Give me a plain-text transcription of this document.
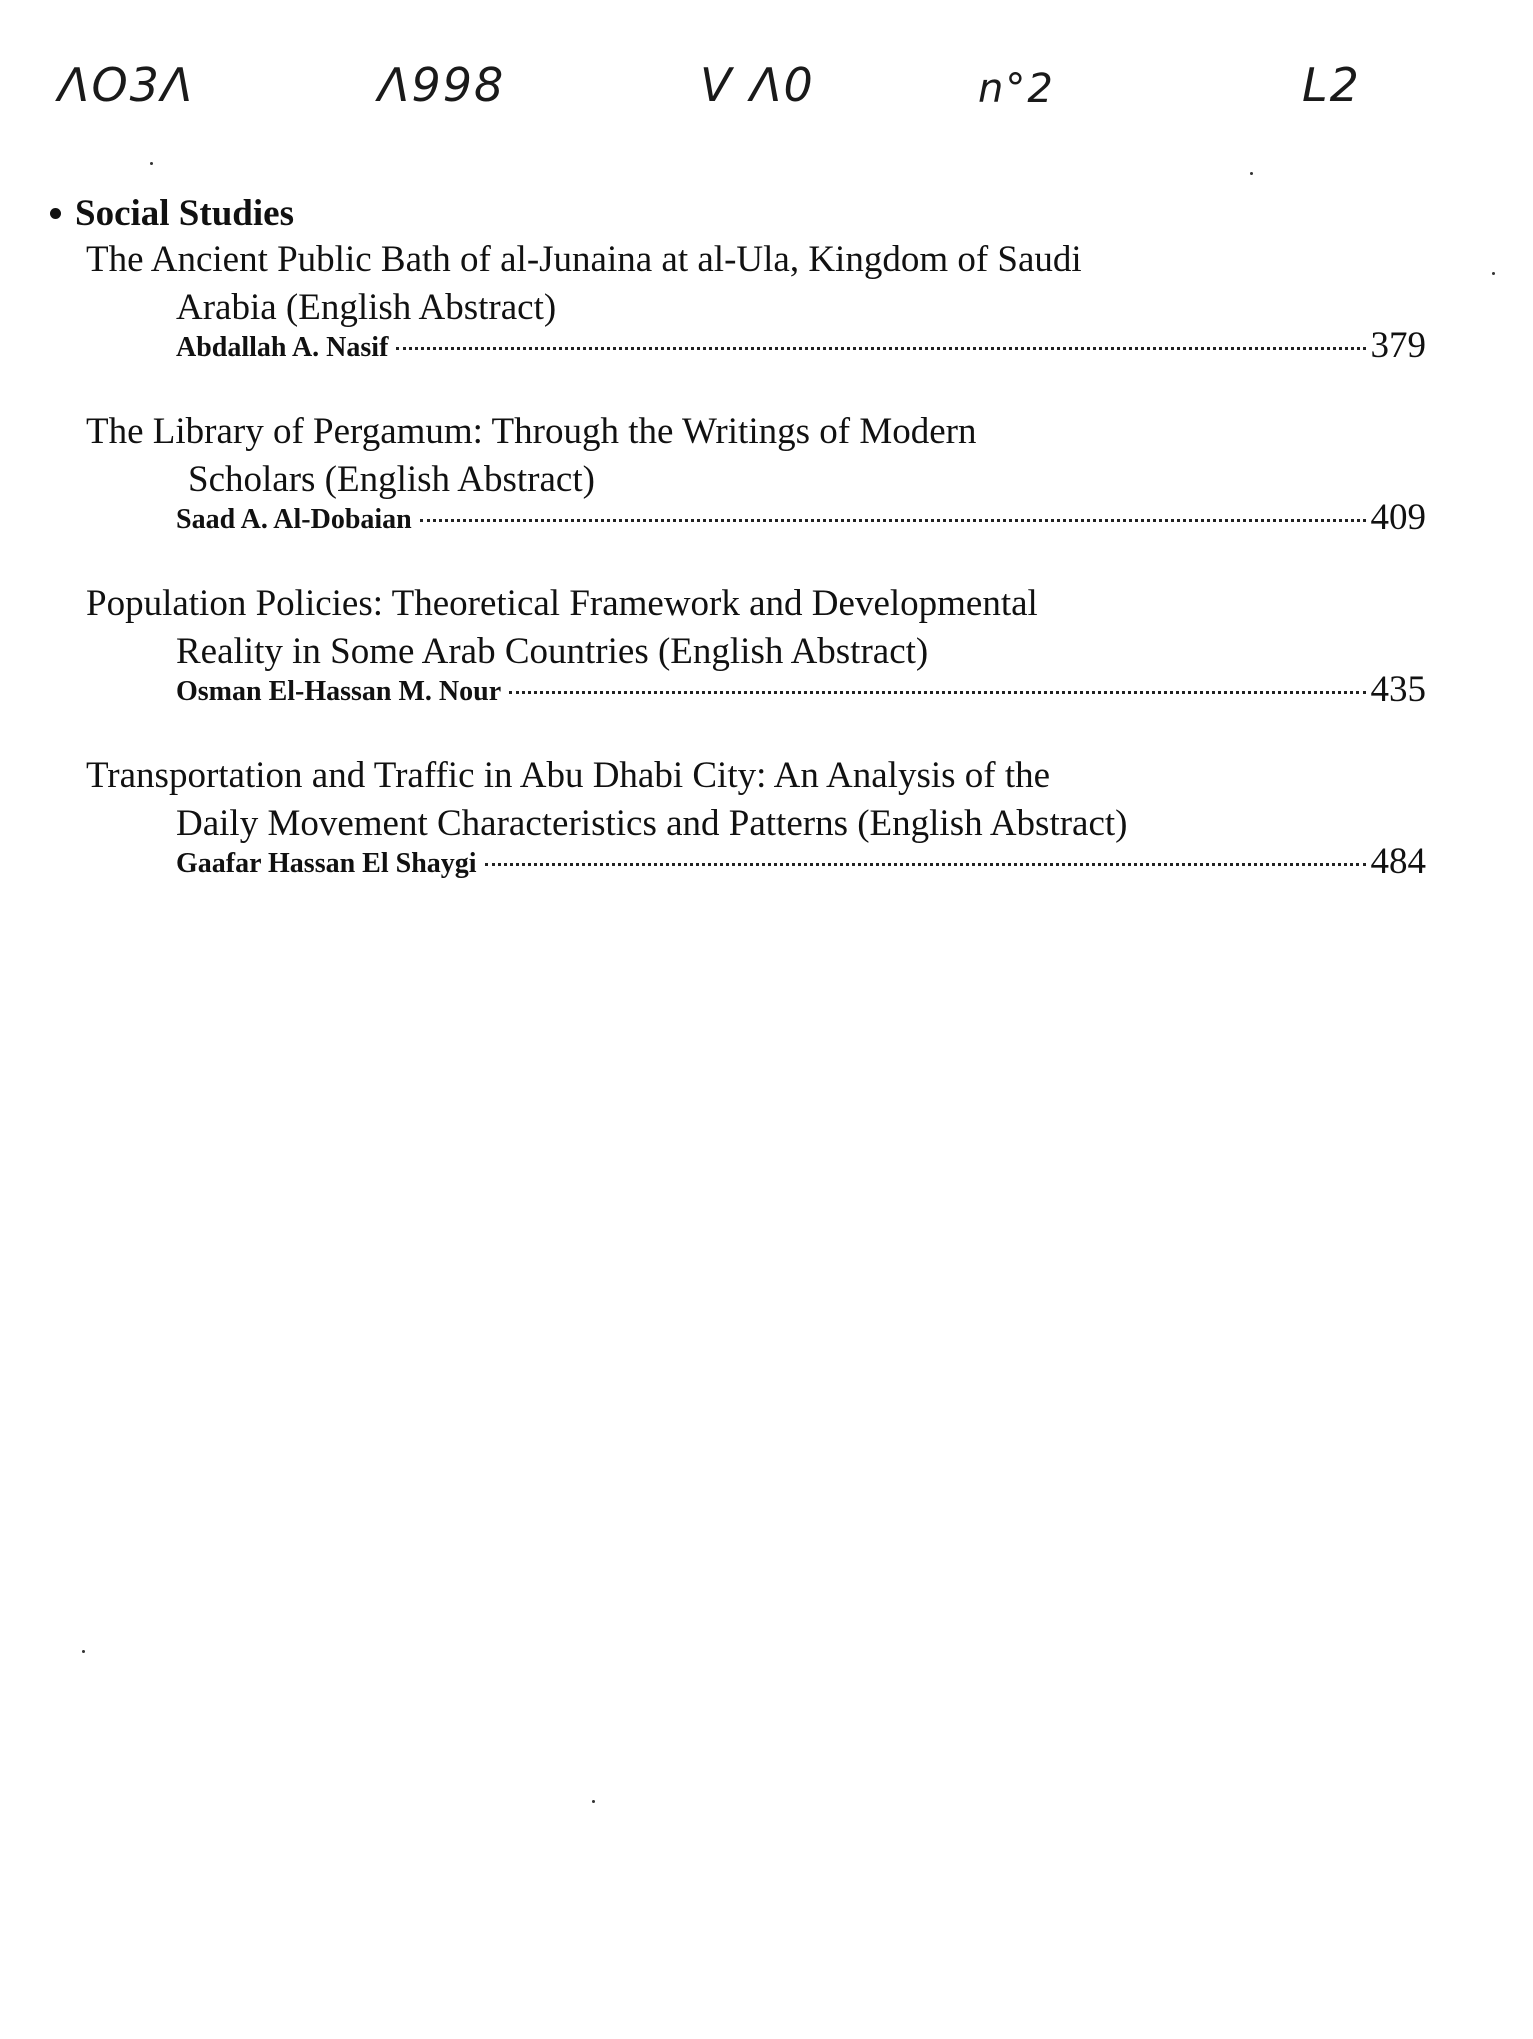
ΛΟ3Λ	Λ998	V Λ0	n°2	L2
Social Studies
The Ancient Public Bath of al-Junaina at al-Ula, Kingdom of Saudi
Arabia (English Abstract)
Abdallah A. Nasif	379
The Library of Pergamum: Through the Writings of Modern
Scholars (English Abstract)
Saad A. Al-Dobaian	409
Population Policies: Theoretical Framework and Developmental
Reality in Some Arab Countries (English Abstract)
Osman El-Hassan M. Nour	435
Transportation and Traffic in Abu Dhabi City: An Analysis of the
Daily Movement Characteristics and Patterns (English Abstract)
Gaafar Hassan El Shaygi	484
